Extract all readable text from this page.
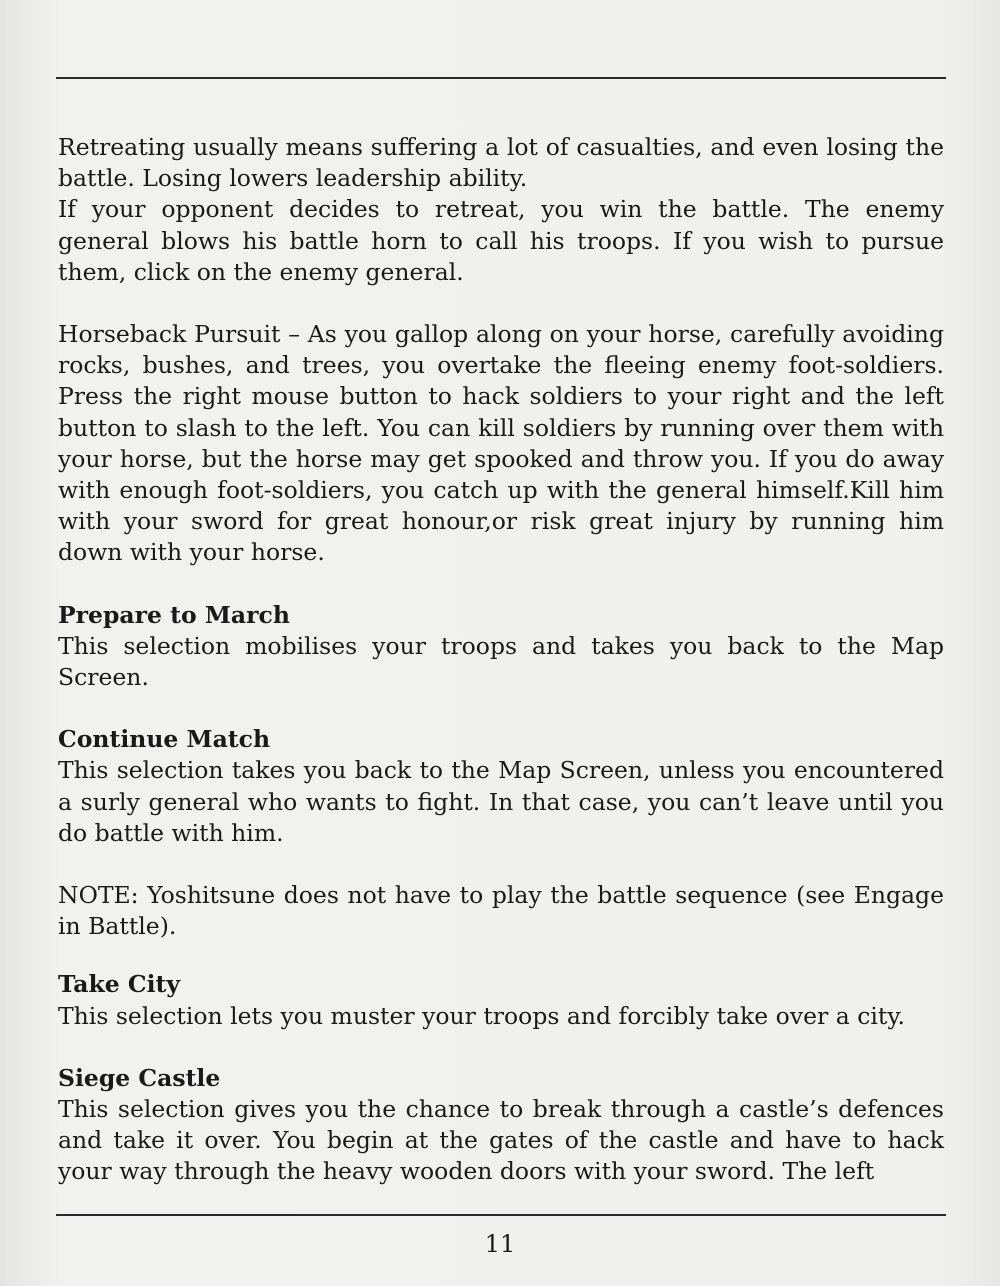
Retreating usually means suffering a lot of casualties, and even losing the battle. Losing lowers leadership ability.

If your opponent decides to retreat, you win the battle. The enemy general blows his battle horn to call his troops. If you wish to pursue them, click on the enemy general.

Horseback Pursuit – As you gallop along on your horse, carefully avoiding rocks, bushes, and trees, you overtake the fleeing enemy foot-soldiers. Press the right mouse button to hack soldiers to your right and the left button to slash to the left. You can kill soldiers by running over them with your horse, but the horse may get spooked and throw you. If you do away with enough foot-soldiers, you catch up with the general himself.Kill him with your sword for great honour,or risk great injury by running him down with your horse.

Prepare to March

This selection mobilises your troops and takes you back to the Map Screen.

Continue Match

This selection takes you back to the Map Screen, unless you encountered a surly general who wants to fight. In that case, you can’t leave until you do battle with him.

NOTE: Yoshitsune does not have to play the battle sequence (see Engage in Battle).

Take City

This selection lets you muster your troops and forcibly take over a city.

Siege Castle

This selection gives you the chance to break through a castle’s defences and take it over. You begin at the gates of the castle and have to hack your way through the heavy wooden doors with your sword. The left

11
